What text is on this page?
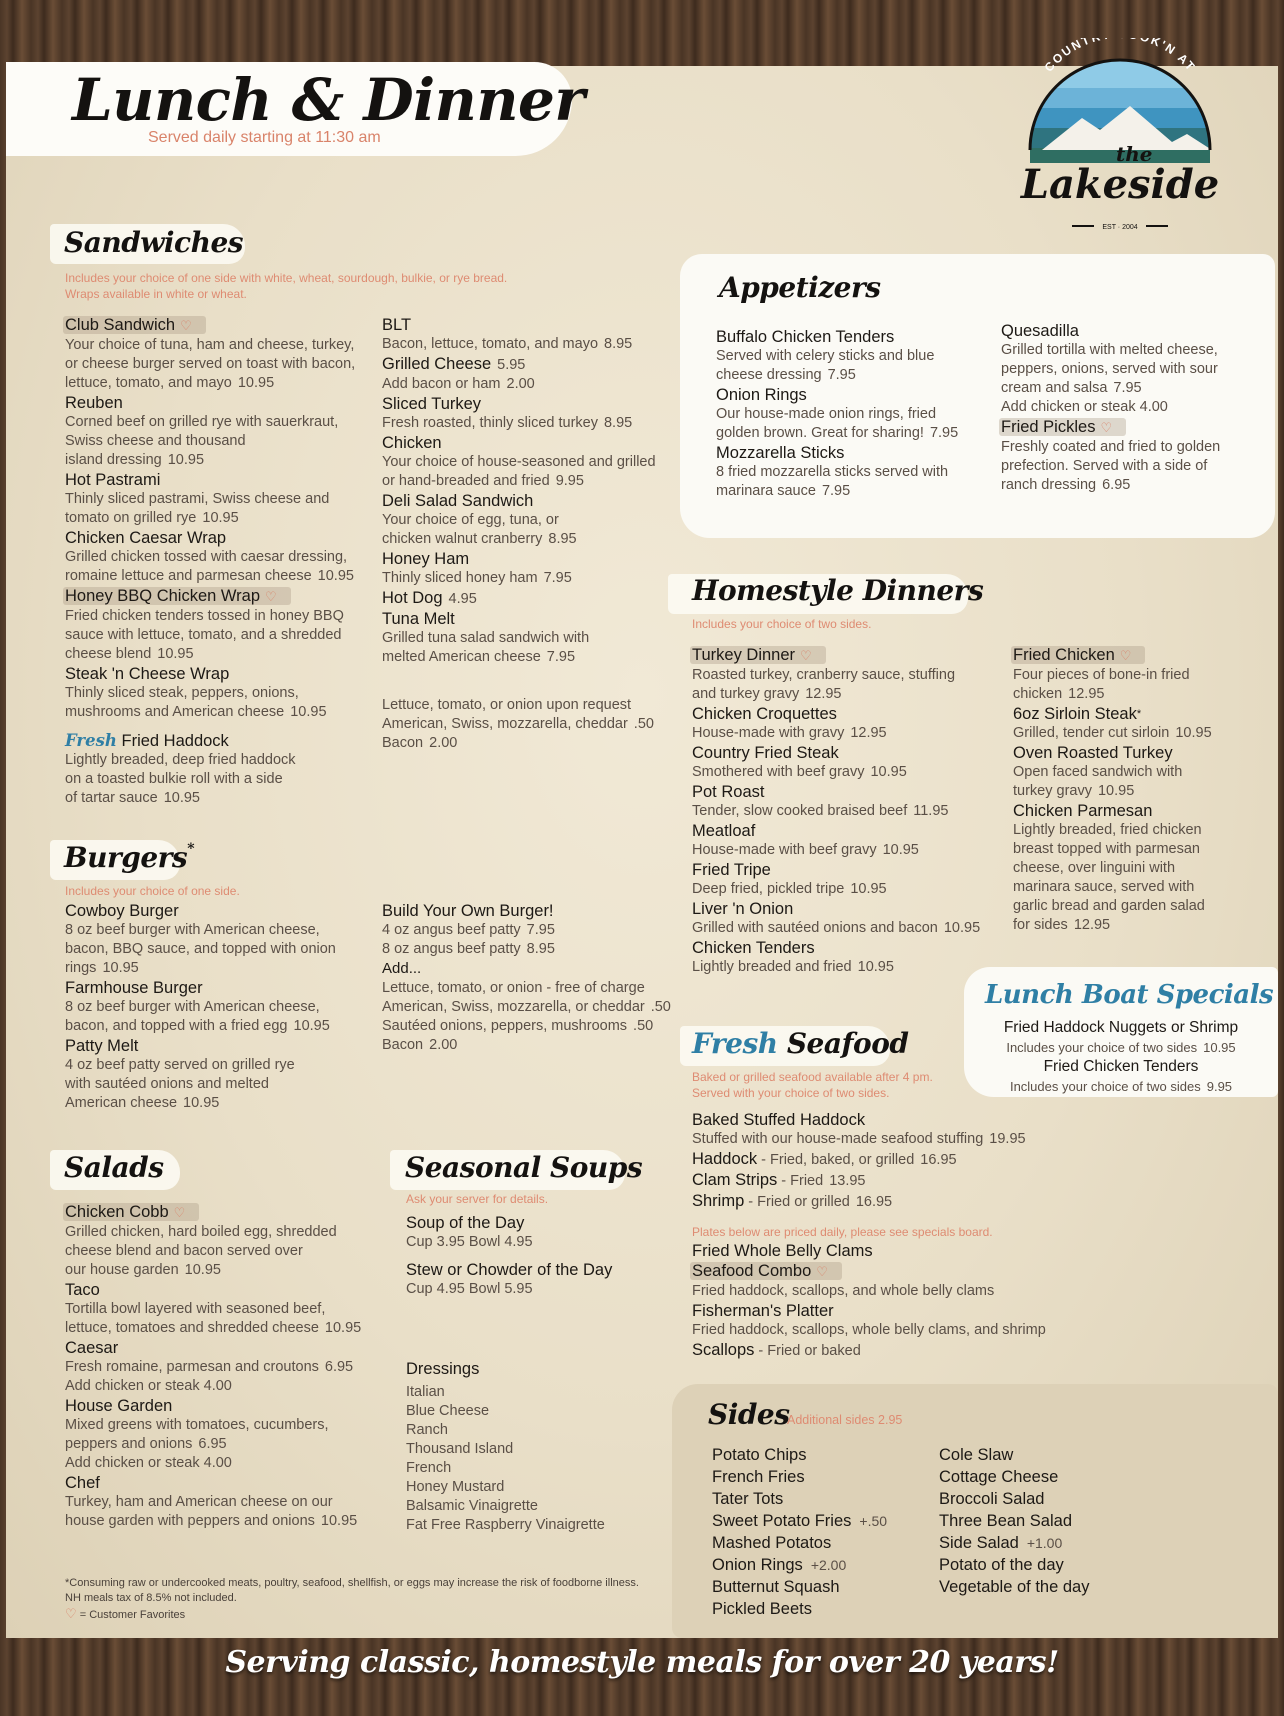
Lunch & Dinner
Served daily starting at 11:30 am
COUNT K'N AT
the
Lakeside
EST · 2004
Sandwiches
Includes your choice of one side with white, wheat, sourdough, bulkie, or rye bread.
Wraps available in white or wheat.
Club Sandwich ♡
Your choice of tuna, ham and cheese, turkey,
or cheese burger served on toast with bacon,
lettuce, tomato, and mayo 10.95
Reuben
Corned beef on grilled rye with sauerkraut,
Swiss cheese and thousand
island dressing 10.95
Hot Pastrami
Thinly sliced pastrami, Swiss cheese and
tomato on grilled rye 10.95
Chicken Caesar Wrap
Grilled chicken tossed with caesar dressing,
romaine lettuce and parmesan cheese 10.95
Honey BBQ Chicken Wrap ♡
Fried chicken tenders tossed in honey BBQ
sauce with lettuce, tomato, and a shredded
cheese blend 10.95
Steak 'n Cheese Wrap
Thinly sliced steak, peppers, onions,
mushrooms and American cheese 10.95
Fresh Fried Haddock
Lightly breaded, deep fried haddock
on a toasted bulkie roll with a side
of tartar sauce 10.95
BLT
Bacon, lettuce, tomato, and mayo 8.95
Grilled Cheese 5.95
Add bacon or ham 2.00
Sliced Turkey
Fresh roasted, thinly sliced turkey 8.95
Chicken
Your choice of house-seasoned and grilled
or hand-breaded and fried 9.95
Deli Salad Sandwich
Your choice of egg, tuna, or
chicken walnut cranberry 8.95
Honey Ham
Thinly sliced honey ham 7.95
Hot Dog 4.95
Tuna Melt
Grilled tuna salad sandwich with
melted American cheese 7.95
Lettuce, tomato, or onion upon request
American, Swiss, mozzarella, cheddar .50
Bacon 2.00
Burgers*
Includes your choice of one side.
Cowboy Burger
8 oz beef burger with American cheese,
bacon, BBQ sauce, and topped with onion
rings 10.95
Farmhouse Burger
8 oz beef burger with American cheese,
bacon, and topped with a fried egg 10.95
Patty Melt
4 oz beef patty served on grilled rye
with sautéed onions and melted
American cheese 10.95
Build Your Own Burger!
4 oz angus beef patty 7.95
8 oz angus beef patty 8.95
Add...
Lettuce, tomato, or onion - free of charge
American, Swiss, mozzarella, or cheddar .50
Sautéed onions, peppers, mushrooms .50
Bacon 2.00
Salads
Chicken Cobb ♡
Grilled chicken, hard boiled egg, shredded
cheese blend and bacon served over
our house garden 10.95
Taco
Tortilla bowl layered with seasoned beef,
lettuce, tomatoes and shredded cheese 10.95
Caesar
Fresh romaine, parmesan and croutons 6.95
Add chicken or steak 4.00
House Garden
Mixed greens with tomatoes, cucumbers,
peppers and onions 6.95
Add chicken or steak 4.00
Chef
Turkey, ham and American cheese on our
house garden with peppers and onions 10.95
Seasonal Soups
Ask your server for details.
Soup of the Day
Cup 3.95 Bowl 4.95
Stew or Chowder of the Day
Cup 4.95 Bowl 5.95
Dressings
Italian
Blue Cheese
Ranch
Thousand Island
French
Honey Mustard
Balsamic Vinaigrette
Fat Free Raspberry Vinaigrette
Appetizers
Buffalo Chicken Tenders
Served with celery sticks and blue
cheese dressing 7.95
Onion Rings
Our house-made onion rings, fried
golden brown. Great for sharing! 7.95
Mozzarella Sticks
8 fried mozzarella sticks served with
marinara sauce 7.95
Quesadilla
Grilled tortilla with melted cheese,
peppers, onions, served with sour
cream and salsa 7.95
Add chicken or steak 4.00
Fried Pickles ♡
Freshly coated and fried to golden
prefection. Served with a side of
ranch dressing 6.95
Homestyle Dinners
Includes your choice of two sides.
Turkey Dinner ♡
Roasted turkey, cranberry sauce, stuffing
and turkey gravy 12.95
Chicken Croquettes
House-made with gravy 12.95
Country Fried Steak
Smothered with beef gravy 10.95
Pot Roast
Tender, slow cooked braised beef 11.95
Meatloaf
House-made with beef gravy 10.95
Fried Tripe
Deep fried, pickled tripe 10.95
Liver 'n Onion
Grilled with sautéed onions and bacon 10.95
Chicken Tenders
Lightly breaded and fried 10.95
Fried Chicken ♡
Four pieces of bone-in fried
chicken 12.95
6oz Sirloin Steak*
Grilled, tender cut sirloin 10.95
Oven Roasted Turkey
Open faced sandwich with
turkey gravy 10.95
Chicken Parmesan
Lightly breaded, fried chicken
breast topped with parmesan
cheese, over linguini with
marinara sauce, served with
garlic bread and garden salad
for sides 12.95
Lunch Boat Specials
Fried Haddock Nuggets or Shrimp
Includes your choice of two sides 10.95
Fried Chicken Tenders
Includes your choice of two sides 9.95
Fresh Seafood
Baked or grilled seafood available after 4 pm.
Served with your choice of two sides.
Baked Stuffed Haddock
Stuffed with our house-made seafood stuffing 19.95
Haddock - Fried, baked, or grilled 16.95
Clam Strips - Fried 13.95
Shrimp - Fried or grilled 16.95
Plates below are priced daily, please see specials board.
Fried Whole Belly Clams
Seafood Combo ♡
Fried haddock, scallops, and whole belly clams
Fisherman's Platter
Fried haddock, scallops, whole belly clams, and shrimp
Scallops - Fried or baked
Sides
Additional sides 2.95
Potato Chips
French Fries
Tater Tots
Sweet Potato Fries +.50
Mashed Potatos
Onion Rings +2.00
Butternut Squash
Pickled Beets
Cole Slaw
Cottage Cheese
Broccoli Salad
Three Bean Salad
Side Salad +1.00
Potato of the day
Vegetable of the day
*Consuming raw or undercooked meats, poultry, seafood, shellfish, or eggs may increase the risk of foodborne illness.
NH meals tax of 8.5% not included.
♡ = Customer Favorites
Serving classic, homestyle meals for over 20 years!
